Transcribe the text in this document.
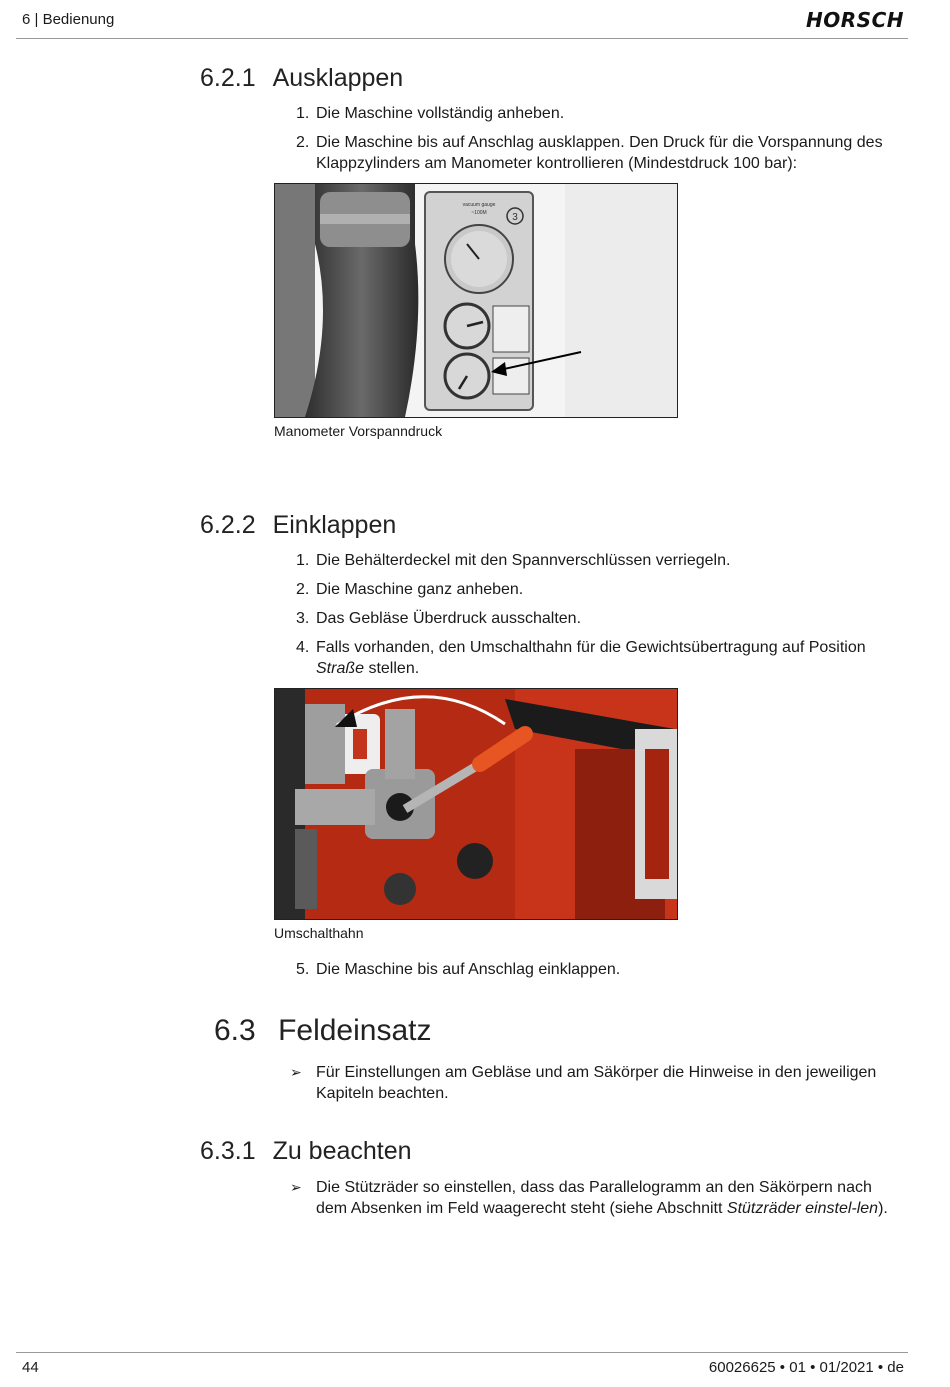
6 | Bedienung	HORSCH
6.2.1 Ausklappen
1. Die Maschine vollständig anheben.
2. Die Maschine bis auf Anschlag ausklappen. Den Druck für die Vorspannung des Klappzylinders am Manometer kontrollieren (Mindestdruck 100 bar):
vacuum gauge
~100M	3
Manometer Vorspanndruck
6.2.2 Einklappen
1. Die Behälterdeckel mit den Spannverschlüssen verriegeln.
2. Die Maschine ganz anheben.
3. Das Gebläse Überdruck ausschalten.
4. Falls vorhanden, den Umschalthahn für die Gewichtsübertragung auf Position Straße stellen.
Umschalthahn
5. Die Maschine bis auf Anschlag einklappen.
6.3 Feldeinsatz
➢ Für Einstellungen am Gebläse und am Säkörper die Hinweise in den jeweiligen Kapiteln beachten.
6.3.1 Zu beachten
➢ Die Stützräder so einstellen, dass das Parallelogramm an den Säkörpern nach dem Absenken im Feld waagerecht steht (siehe Abschnitt Stützräder einstel-len).
44	60026625 • 01 • 01/2021 • de
